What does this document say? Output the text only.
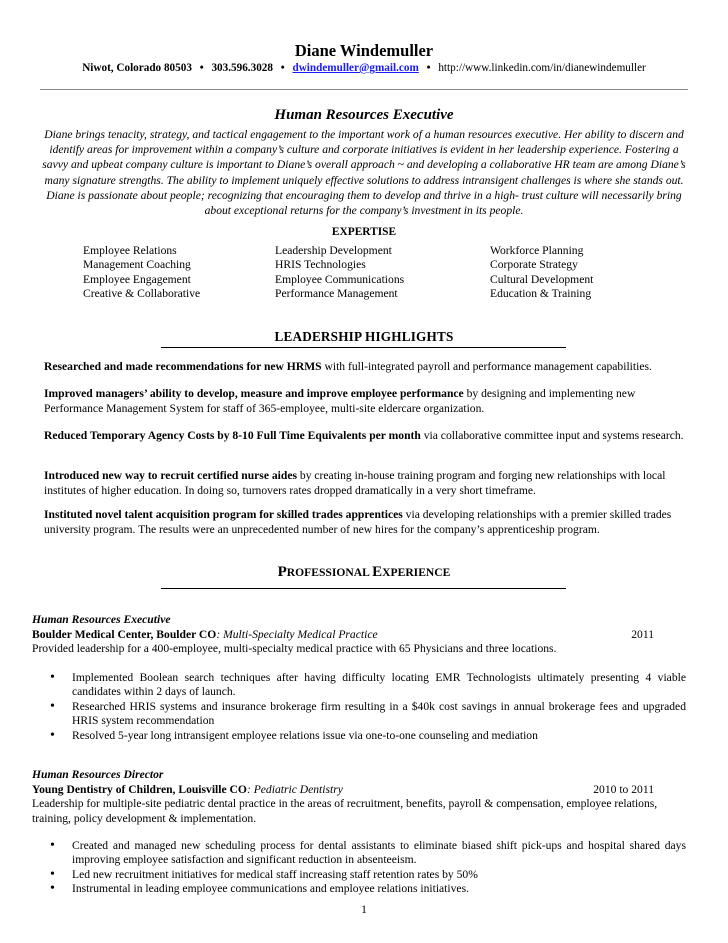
Diane Windemuller
Niwot, Colorado 80503 • 303.596.3028 • dwindemuller@gmail.com • http://www.linkedin.com/in/dianewindemuller
Human Resources Executive
Diane brings tenacity, strategy, and tactical engagement to the important work of a human resources executive. Her ability to discern and identify areas for improvement within a company’s culture and corporate initiatives is evident in her leadership experience. Fostering a savvy and upbeat company culture is important to Diane’s overall approach ~ and developing a collaborative HR team are among Diane’s many signature strengths. The ability to implement uniquely effective solutions to address intransigent challenges is where she stands out. Diane is passionate about people; recognizing that encouraging them to develop and thrive in a high- trust culture will necessarily bring about exceptional returns for the company’s investment in its people.
EXPERTISE
Employee Relations
Management Coaching
Employee Engagement
Creative & Collaborative
Leadership Development
HRIS Technologies
Employee Communications
Performance Management
Workforce Planning
Corporate Strategy
Cultural Development
Education & Training
LEADERSHIP HIGHLIGHTS
Researched and made recommendations for new HRMS with full-integrated payroll and performance management capabilities.
Improved managers’ ability to develop, measure and improve employee performance by designing and implementing new Performance Management System for staff of 365-employee, multi-site eldercare organization.
Reduced Temporary Agency Costs by 8-10 Full Time Equivalents per month via collaborative committee input and systems research.
Introduced new way to recruit certified nurse aides by creating in-house training program and forging new relationships with local institutes of higher education. In doing so, turnovers rates dropped dramatically in a very short timeframe.
Instituted novel talent acquisition program for skilled trades apprentices via developing relationships with a premier skilled trades university program. The results were an unprecedented number of new hires for the company’s apprenticeship program.
PROFESSIONAL EXPERIENCE
Human Resources Executive
Boulder Medical Center, Boulder CO: Multi-Specialty Medical Practice	2011
Provided leadership for a 400-employee, multi-specialty medical practice with 65 Physicians and three locations.
• Implemented Boolean search techniques after having difficulty locating EMR Technologists ultimately presenting 4 viable candidates within 2 days of launch.
• Researched HRIS systems and insurance brokerage firm resulting in a $40k cost savings in annual brokerage fees and upgraded HRIS system recommendation
• Resolved 5-year long intransigent employee relations issue via one-to-one counseling and mediation
Human Resources Director
Young Dentistry of Children, Louisville CO: Pediatric Dentistry	2010 to 2011
Leadership for multiple-site pediatric dental practice in the areas of recruitment, benefits, payroll & compensation, employee relations, training, policy development & implementation.
• Created and managed new scheduling process for dental assistants to eliminate biased shift pick-ups and hospital shared days improving employee satisfaction and significant reduction in absenteeism.
• Led new recruitment initiatives for medical staff increasing staff retention rates by 50%
• Instrumental in leading employee communications and employee relations initiatives.
1
